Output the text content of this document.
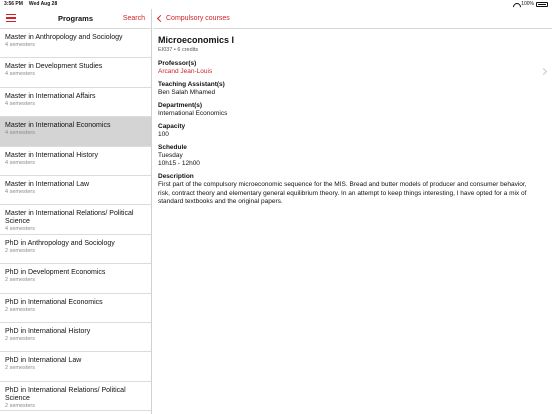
3:56 PM Wed Aug 28	100%
Programs	Search
Master in Anthropology and Sociology
4 semesters
Master in Development Studies
4 semesters
Master in International Affairs
4 semesters
Master in International Economics
4 semesters
Master in International History
4 semesters
Master in International Law
4 semesters
Master in International Relations/ Political Science
4 semesters
PhD in Anthropology and Sociology
2 semesters
PhD in Development Economics
2 semesters
PhD in International Economics
2 semesters
PhD in International History
2 semesters
PhD in International Law
2 semesters
PhD in International Relations/ Political Science
2 semesters
Compulsory courses
Microeconomics I
EI037 • 6 credits
Professor(s)
Arcand Jean-Louis
Teaching Assistant(s)
Ben Salah Mhamed
Department(s)
International Economics
Capacity
100
Schedule
Tuesday
10h15 - 12h00
Description
First part of the compulsory microeconomic sequence for the MIS. Bread and butter models of producer and consumer behavior, risk, contract theory and elementary general equilibrium theory. In an attempt to keep things interesting, I have opted for a mix of standard textbooks and the original papers.
